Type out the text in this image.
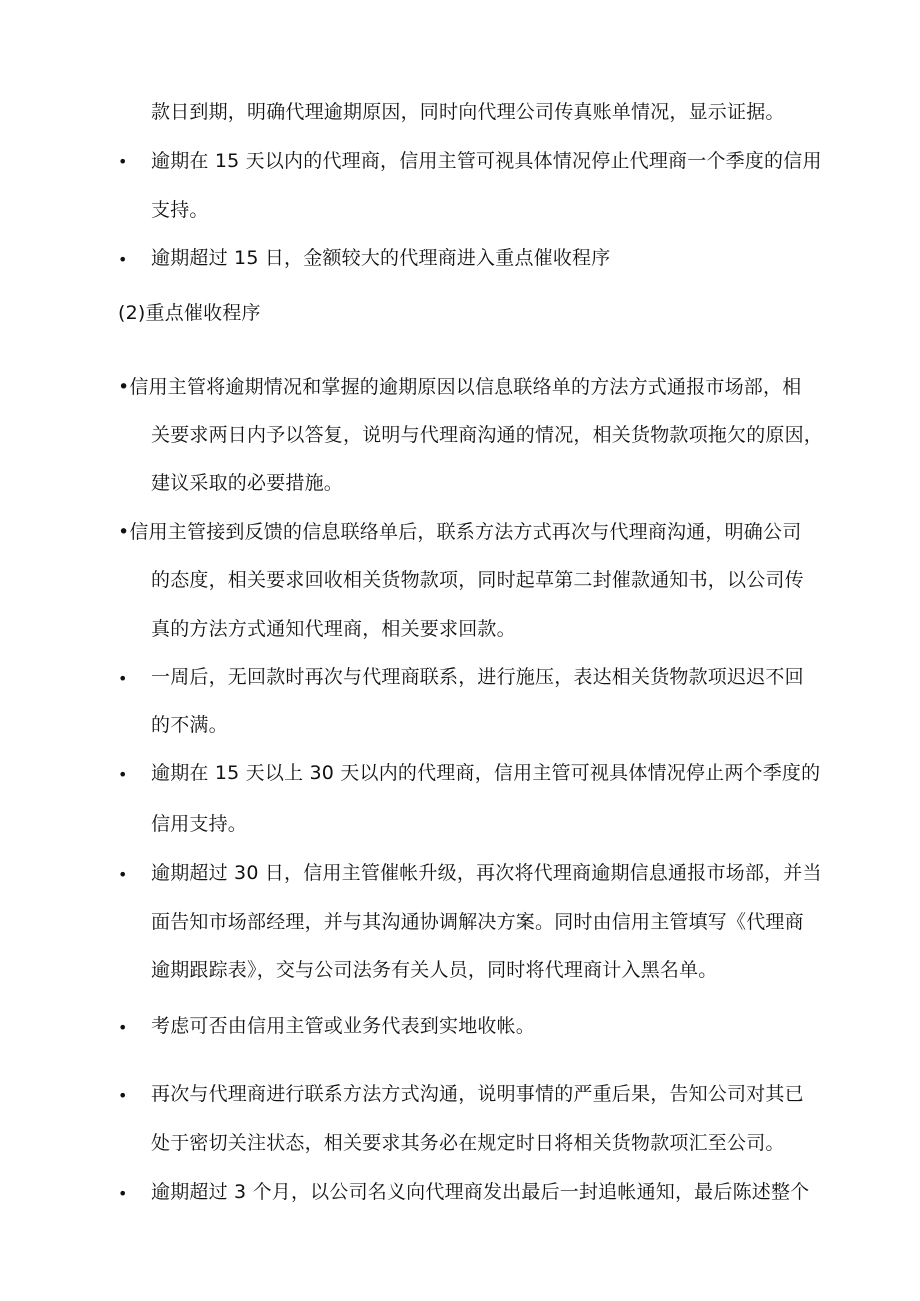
款日到期，明确代理逾期原因，同时向代理公司传真账单情况，显示证据。
• 逾期在 15 天以内的代理商，信用主管可视具体情况停止代理商一个季度的信用
支持。
• 逾期超过 15 日，金额较大的代理商进入重点催收程序
(2)重点催收程序
•信用主管将逾期情况和掌握的逾期原因以信息联络单的方法方式通报市场部，相
关要求两日内予以答复，说明与代理商沟通的情况，相关货物款项拖欠的原因，
建议采取的必要措施。
•信用主管接到反馈的信息联络单后，联系方法方式再次与代理商沟通，明确公司
的态度，相关要求回收相关货物款项，同时起草第二封催款通知书，以公司传
真的方法方式通知代理商，相关要求回款。
• 一周后，无回款时再次与代理商联系，进行施压，表达相关货物款项迟迟不回
的不满。
• 逾期在 15 天以上 30 天以内的代理商，信用主管可视具体情况停止两个季度的
信用支持。
• 逾期超过 30 日，信用主管催帐升级，再次将代理商逾期信息通报市场部，并当
面告知市场部经理，并与其沟通协调解决方案。同时由信用主管填写《代理商
逾期跟踪表》，交与公司法务有关人员，同时将代理商计入黑名单。
• 考虑可否由信用主管或业务代表到实地收帐。
• 再次与代理商进行联系方法方式沟通，说明事情的严重后果，告知公司对其已
处于密切关注状态，相关要求其务必在规定时日将相关货物款项汇至公司。
• 逾期超过 3 个月，以公司名义向代理商发出最后一封追帐通知，最后陈述整个
